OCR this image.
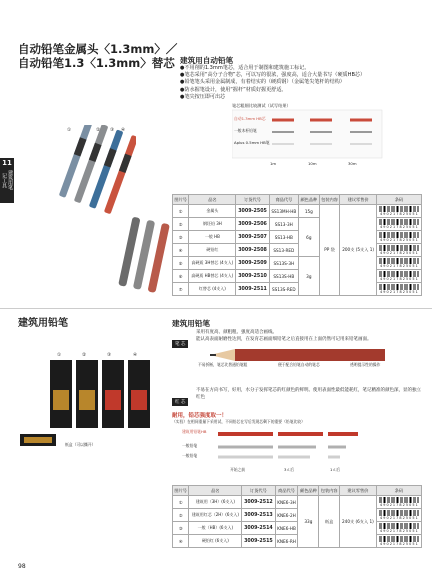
自动铅笔金属头〈1.3mm〉／自动铅笔1.3〈1.3mm〉替芯 建筑用自动铅笔
●不用削的1.3mm笔芯，适合用于制图和建筑施工标记。
●笔芯采用“高分子合物”芯，可以写的很浓，强度高，适合大量书写（硬质HB芯）
●铅笔笔头采用金属制成，有着结实的（硬质钢）（金属笔尖笔杆的结构）
●防水握笔设计，使用“握杆”材质好握更舒适。
●笔尖按压即可出芯
笔芯粗细比较测试（试写结果）
自动1.3mm HB芯
一般木杆铅笔
Aplus 0.5mm HB笔
1m	10m	30m
①	② ③ ④
11
建筑用笔记工具
图片号	品名	订货代号	商品代号	颜色品种	包装内容	建议零售价	条码
①	金属头	3009-2505	SS13MH-HB	15g	PP 袋	200支 (5支入 1)	4 9 0 2 1 7 8 2 5 0 5 1

②	钢坯铅 3H	3009-2506	SS13-3H	6g			4 9 0 2 1 7 8 2 5 0 5 1

③	一般 HB	3009-2507	SS13-HB				4 9 0 2 1 7 8 2 5 0 5 1

④	硬铅红	3009-2508	SS13-RED				4 9 0 2 1 7 8 2 5 0 5 1

⑤	高硬质 3H替芯 (4支入)	3009-2509	SS13S-3H	3g			4 9 0 2 1 7 8 2 5 0 5 1

⑥	高硬质 HB替芯 (4支入)	3009-2510	SS13S-HB				4 9 0 2 1 7 8 2 5 0 5 1

⑦	红替芯 (4支入)	3009-2511	SS13S-RED				4 9 0 2 1 7 8 2 5 0 5 1
建筑用铅笔	建筑用铅笔
笔 芯
采用有度高、颜粗粗、强度高适合画线。
能认高表面耐磨性达到，在发育芯画面细铅笔之后直接用在上面仍然可记用来铅笔画面。
不易折断，笔芯比普通铅笔粗	便于配合铅笔自动的笔芯	透明提示性的操作
红 芯
不易在方向书写，好用，水分子发挥笔芯的红颜色的鲜明。使用表面性最低能耗红，笔记精准的颜色深，显的独立红色
耐用，铅芯强度取一！
（实验）在相同重量下采用试，不同铅芯在写后发现芯剩下的重要（铅笔比较）
建筑用铅笔HB
一般铅笔
一般铅笔
开始之前	3ㄠ后	1ㄠ后
①	②	③	④
纸盒（可以撕开）
图片号	品名	订货代号	商品代号	颜色品种	包装内容	建议零售价	条码
①	建筑用（3H）(6支入)	3009-2512	KNE6-3H	33g	纸盒	240支 (6支入 1)	4 9 0 2 1 7 8 2 5 0 5 1

②	建筑用红芯（2H）(6支入)	3009-2513	KNE6-2H				4 9 0 2 1 7 8 2 5 0 5 1

③	一般（HB）(6支入)	3009-2514	KNE6-HB				4 9 0 2 1 7 8 2 5 0 5 1

④	硬铅红 (6支入)	3009-2515	KNE6-RH				4 9 0 2 1 7 8 2 5 0 5 1
98
